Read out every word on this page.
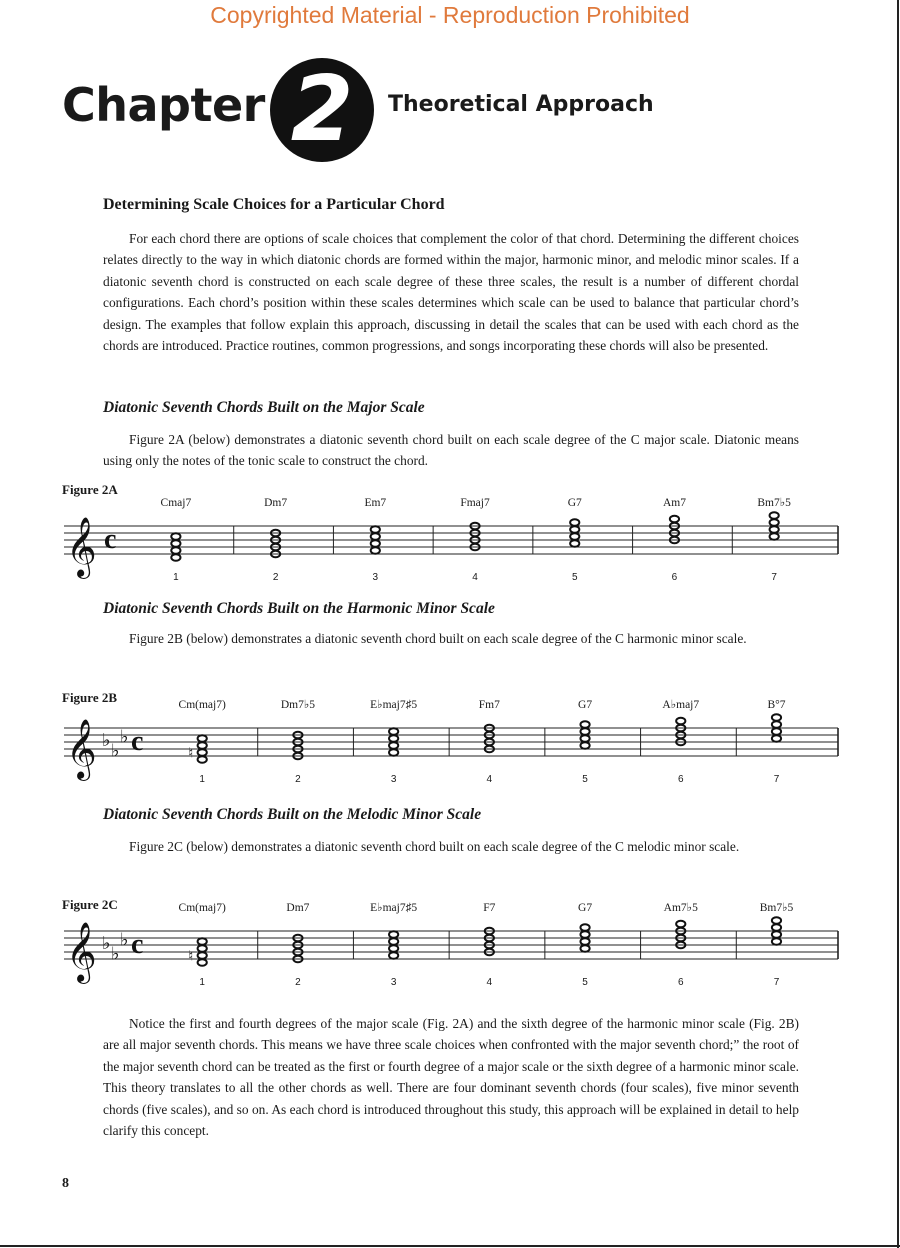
Copyrighted Material - Reproduction Prohibited
Chapter 2	Theoretical Approach
Determining Scale Choices for a Particular Chord

For each chord there are options of scale choices that complement the color of that chord. Determining the different choices relates directly to the way in which diatonic chords are formed within the major, harmonic minor, and melodic minor scales. If a diatonic seventh chord is constructed on each scale degree of these three scales, the result is a number of different chordal configurations. Each chord’s position within these scales determines which scale can be used to balance that particular chord’s design. The examples that follow explain this approach, discussing in detail the scales that can be used with each chord as the chords are introduced. Practice routines, common progressions, and songs incorporating these chords will also be presented.

Diatonic Seventh Chords Built on the Major Scale

Figure 2A (below) demonstrates a diatonic seventh chord built on each scale degree of the C major scale. Diatonic means using only the notes of the tonic scale to construct the chord.

Figure 2A
𝄞 c
Cmaj7
1
Dm7
2
Em7
3
Fmaj7
4
G7
5
Am7
6
Bm7♭5
7
Diatonic Seventh Chords Built on the Harmonic Minor Scale

Figure 2B (below) demonstrates a diatonic seventh chord built on each scale degree of the C harmonic minor scale.

Figure 2B
𝄞 ♭ ♭
♭ c
Cm(maj7)
♮
1
Dm7♭5
2
E♭maj7♯5
3
Fm7
4
G7
5
A♭maj7
6
B°7
7
Diatonic Seventh Chords Built on the Melodic Minor Scale

Figure 2C (below) demonstrates a diatonic seventh chord built on each scale degree of the C melodic minor scale.

Figure 2C
𝄞 ♭ ♭
♭ c
Cm(maj7)
♮
1
Dm7
2
E♭maj7♯5
3
F7
4
G7
5
Am7♭5
6
Bm7♭5
7

Notice the first and fourth degrees of the major scale (Fig. 2A) and the sixth degree of the harmonic minor scale (Fig. 2B) are all major seventh chords. This means we have three scale choices when confronted with the major seventh chord;” the root of the major seventh chord can be treated as the first or fourth degree of a major scale or the sixth degree of a harmonic minor scale. This theory translates to all the other chords as well. There are four dominant seventh chords (four scales), five minor seventh chords (five scales), and so on. As each chord is introduced throughout this study, this approach will be explained in detail to help clarify this concept.

8
